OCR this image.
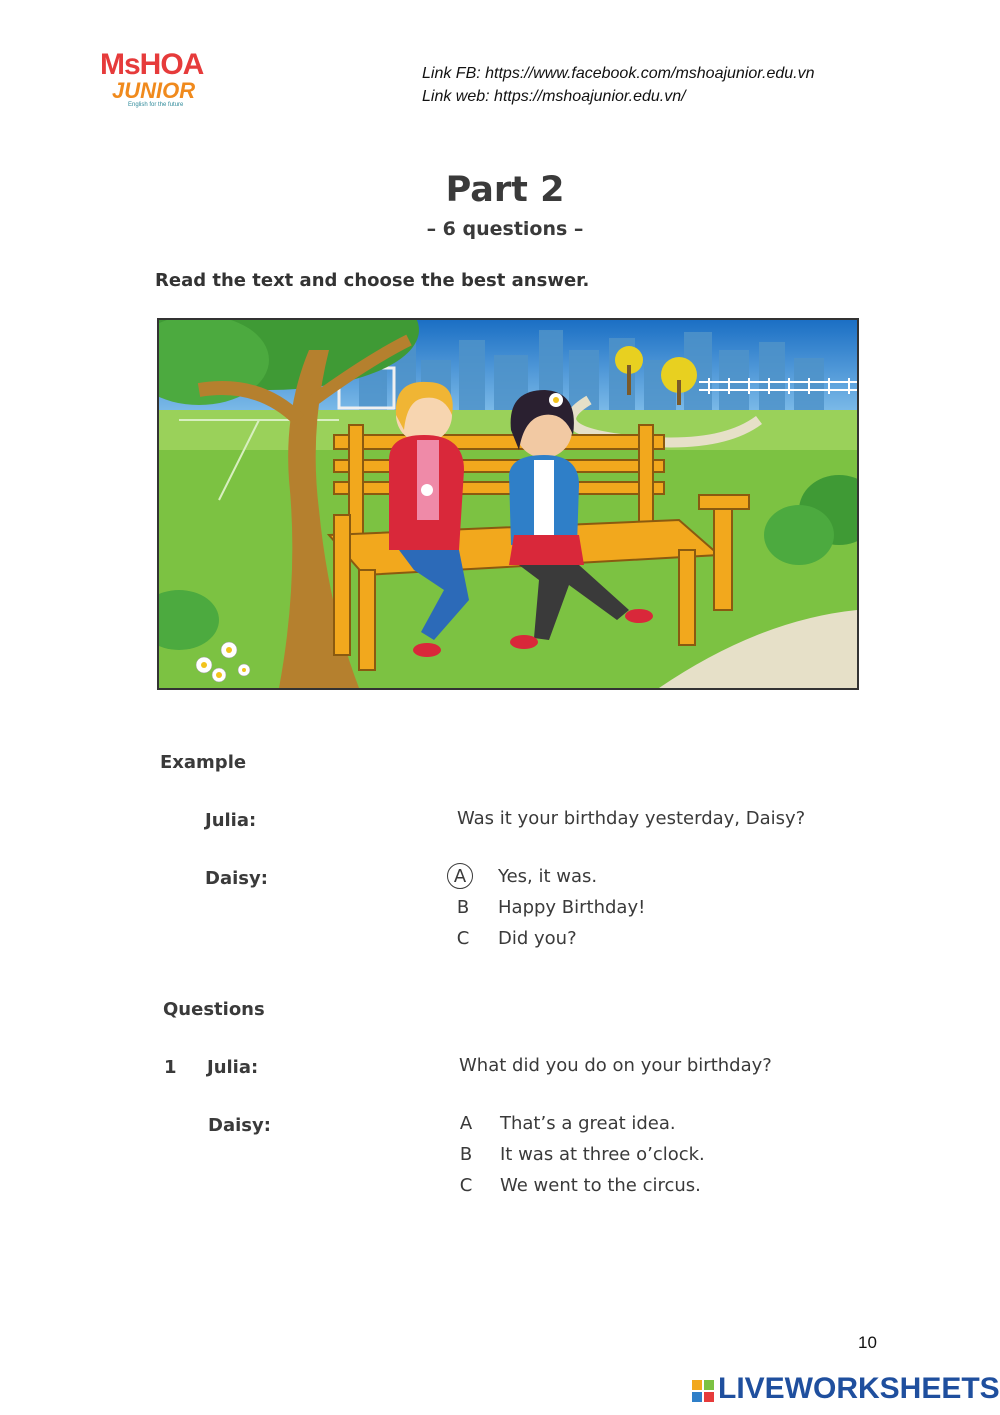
MsHOA
JUNIOR
English for the future
Link FB: https://www.facebook.com/mshoajunior.edu.vn
Link web: https://mshoajunior.edu.vn/
Part 2
– 6 questions –
Read the text and choose the best answer.
Example
Julia:	Was it your birthday yesterday, Daisy?
Daisy:	A	Yes, it was.
B	Happy Birthday!
C	Did you?
Questions
1 Julia:	What did you do on your birthday?
Daisy:	A	That’s a great idea.
B	It was at three o’clock.
C	We went to the circus.
10
LIVEWORKSHEETS
